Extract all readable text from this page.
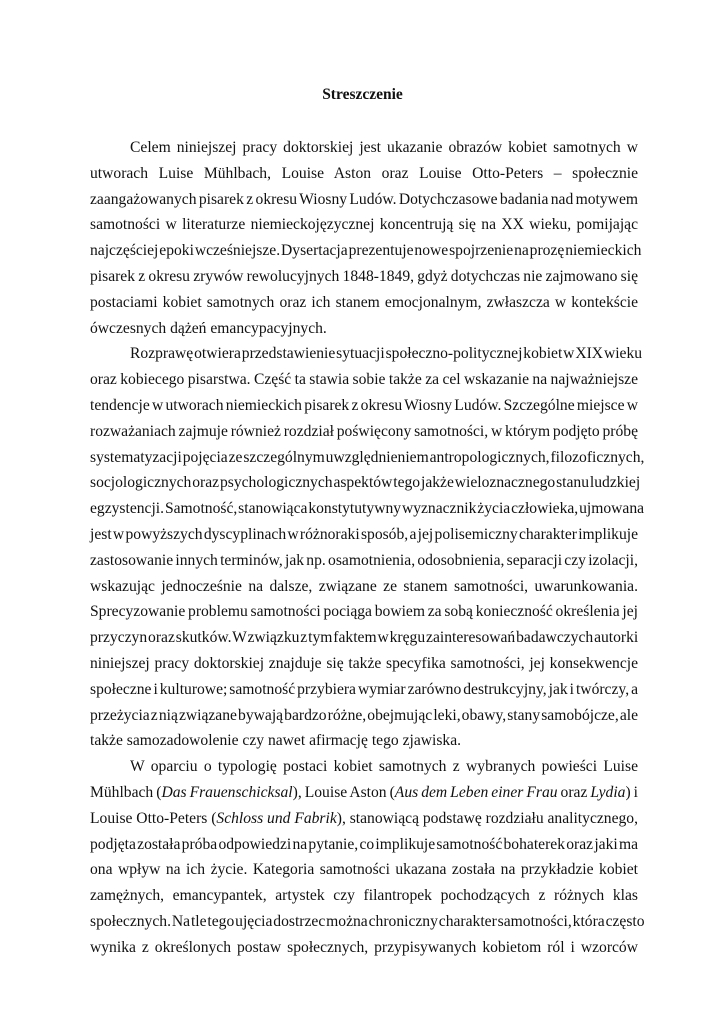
Streszczenie

Celem niniejszej pracy doktorskiej jest ukazanie obrazów kobiet samotnych w
utworach Luise Mühlbach, Louise Aston oraz Louise Otto-Peters – społecznie
zaangażowanych pisarek z okresu Wiosny Ludów. Dotychczasowe badania nad motywem
samotności w literaturze niemieckojęzycznej koncentrują się na XX wieku, pomijając
najczęściej epoki wcześniejsze. Dysertacja prezentuje nowe spojrzenie na prozę niemieckich
pisarek z okresu zrywów rewolucyjnych 1848-1849, gdyż dotychczas nie zajmowano się
postaciami kobiet samotnych oraz ich stanem emocjonalnym, zwłaszcza w kontekście
ówczesnych dążeń emancypacyjnych.

Rozprawę otwiera przedstawienie sytuacji społeczno-politycznej kobiet w XIX wieku
oraz kobiecego pisarstwa. Część ta stawia sobie także za cel wskazanie na najważniejsze
tendencje w utworach niemieckich pisarek z okresu Wiosny Ludów. Szczególne miejsce w
rozważaniach zajmuje również rozdział poświęcony samotności, w którym podjęto próbę
systematyzacji pojęcia ze szczególnym uwzględnieniem antropologicznych, filozoficznych,
socjologicznych oraz psychologicznych aspektów tego jakże wieloznacznego stanu ludzkiej
egzystencji. Samotność, stanowiąca konstytutywny wyznacznik życia człowieka, ujmowana
jest w powyższych dyscyplinach w różnoraki sposób, a jej polisemiczny charakter implikuje
zastosowanie innych terminów, jak np. osamotnienia, odosobnienia, separacji czy izolacji,
wskazując jednocześnie na dalsze, związane ze stanem samotności, uwarunkowania.
Sprecyzowanie problemu samotności pociąga bowiem za sobą konieczność określenia jej
przyczyn oraz skutków. W związku z tym faktem w kręgu zainteresowań badawczych autorki
niniejszej pracy doktorskiej znajduje się także specyfika samotności, jej konsekwencje
społeczne i kulturowe; samotność przybiera wymiar zarówno destrukcyjny, jak i twórczy, a
przeżycia z nią związane bywają bardzo różne, obejmując leki, obawy, stany samobójcze, ale
także samozadowolenie czy nawet afirmację tego zjawiska.

W oparciu o typologię postaci kobiet samotnych z wybranych powieści Luise
Mühlbach (Das Frauenschicksal), Louise Aston (Aus dem Leben einer Frau oraz Lydia) i
Louise Otto-Peters (Schloss und Fabrik), stanowiącą podstawę rozdziału analitycznego,
podjęta została próba odpowiedzi na pytanie, co implikuje samotność bohaterek oraz jaki ma
ona wpływ na ich życie. Kategoria samotności ukazana została na przykładzie kobiet
zamężnych, emancypantek, artystek czy filantropek pochodzących z różnych klas
społecznych. Na tle tego ujęcia dostrzec można chroniczny charakter samotności, która często
wynika z określonych postaw społecznych, przypisywanych kobietom ról i wzorców
